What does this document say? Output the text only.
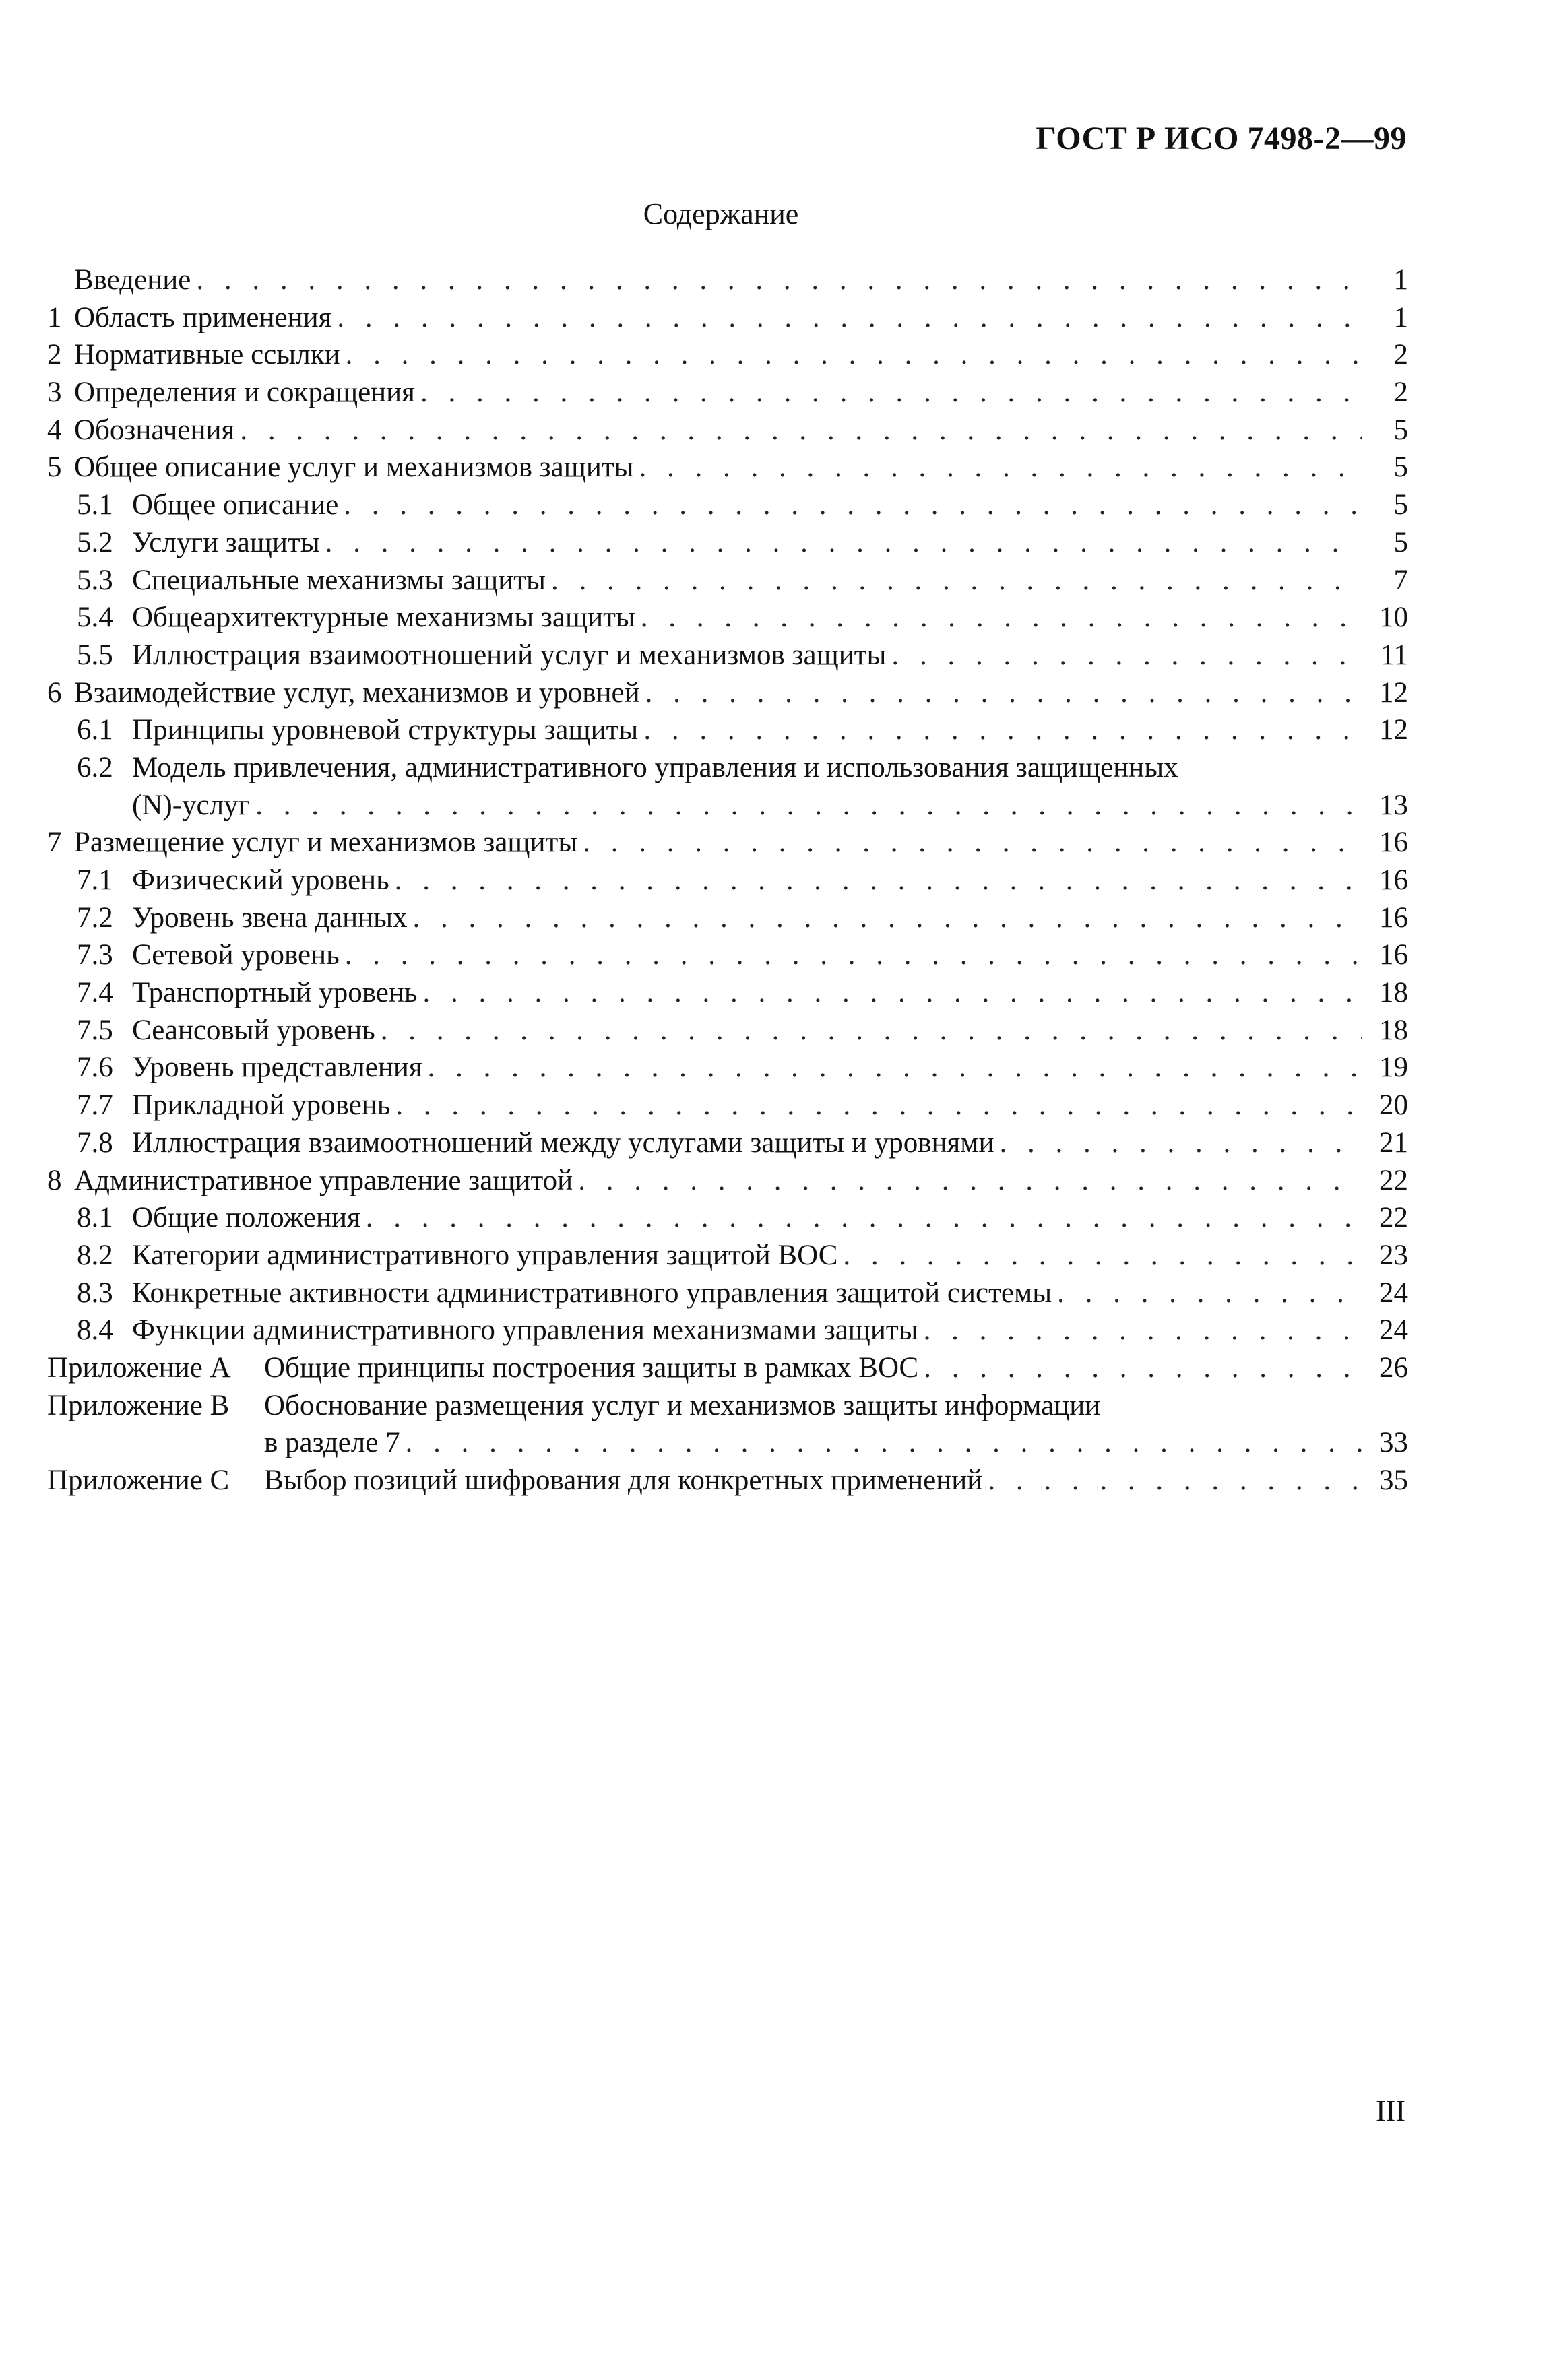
ГОСТ Р ИСО 7498-2—99
Содержание
Введение . . .	1
1 Область применения . . .	1
2 Нормативные ссылки . . .	2
3 Определения и сокращения . . .	2
4 Обозначения . . .	5
5 Общее описание услуг и механизмов защиты . . .	5
5.1 Общее описание . . .	5
5.2 Услуги защиты . . .	5
5.3 Специальные механизмы защиты . . .	7
5.4 Общеархитектурные механизмы защиты . . .	10
5.5 Иллюстрация взаимоотношений услуг и механизмов защиты . . .	11
6 Взаимодействие услуг, механизмов и уровней . . .	12
6.1 Принципы уровневой структуры защиты . . .	12
6.2 Модель привлечения, административного управления и использования защищенных
(N)-услуг . . .	13
7 Размещение услуг и механизмов защиты . . .	16
7.1 Физический уровень . . .	16
7.2 Уровень звена данных . . .	16
7.3 Сетевой уровень . . .	16
7.4 Транспортный уровень . . .	18
7.5 Сеансовый уровень . . .	18
7.6 Уровень представления . . .	19
7.7 Прикладной уровень . . .	20
7.8 Иллюстрация взаимоотношений между услугами защиты и уровнями . . .	21
8 Административное управление защитой . . .	22
8.1 Общие положения . . .	22
8.2 Категории административного управления защитой ВОС . . .	23
8.3 Конкретные активности административного управления защитой системы . . .	24
8.4 Функции административного управления механизмами защиты . . .	24
Приложение А	Общие принципы построения защиты в рамках ВОС . . .	26
Приложение В	Обоснование размещения услуг и механизмов защиты информации
в разделе 7 . . .	33
Приложение С	Выбор позиций шифрования для конкретных применений . . .	35
III
